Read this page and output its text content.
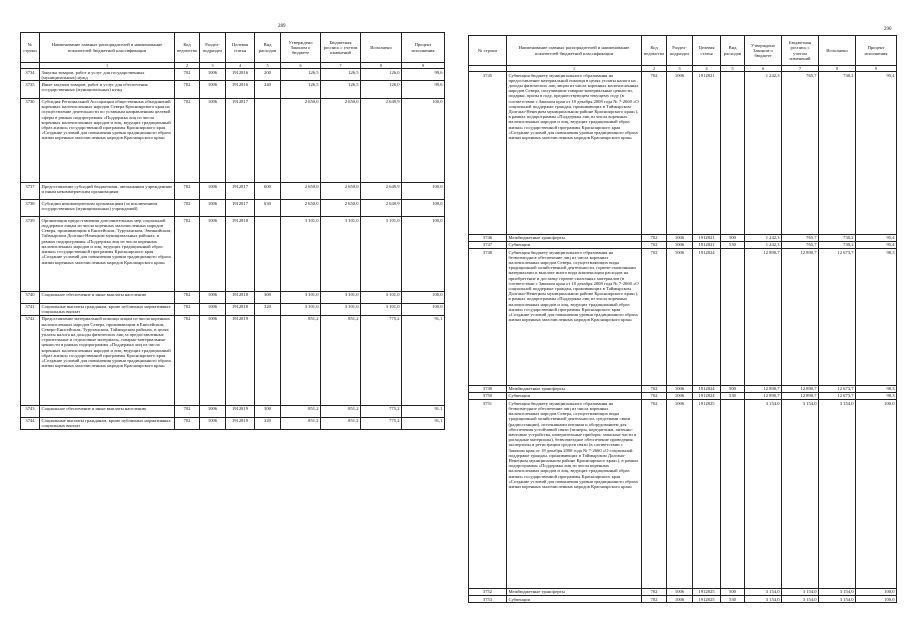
289
№ строки	Наименование главных распорядителей и наименование показателей бюджетной классификации	Код ведомства	Раздел-подраздел	Целевая статья	Вид расходов	Утверждено Законом о бюджете	Бюджетная роспись с учетом изменений	Исполнено	Процент исполнения
	1	2	3	4	5	6	7	8	9
3734	Закупка товаров, работ и услуг для государственных (муниципальных) нужд	702	1006	1912816	200	126,5	126,5	126,0	99,6
3735	Иные закупки товаров, работ и услуг для обеспечения государственных (муниципальных) нужд	702	1006	1912816	240	126,5	126,5	126,0	99,6
3736	Субсидия Региональной Ассоциации общественных объединений коренных малочисленных народов Севера Красноярского края на осуществление деятельности по уставным направлениям целевой сферы в рамках подпрограммы «Поддержка лиц из числа коренных малочисленных народов и лиц, ведущих традиционный образ жизни» государственной программы Красноярского края «Создание условий для повышения уровня традиционного образа жизни коренных малочисленных народов Красноярского края»	702	1006	1912817		2 650,0	2 650,0	2 649,9	100,0
3737	Предоставление субсидий бюджетным, автономным учреждениям и иным некоммерческим организациям	702	1006	1912817	600	2 650,0	2 650,0	2 649,9	100,0
3738	Субсидии некоммерческим организациям (за исключением государственных (муниципальных) учреждений)	702	1006	1912817	630	2 650,0	2 650,0	2 649,9	100,0
3739	Организация предоставления дополнительных мер социальной поддержки лицам из числа коренных малочисленных народов Севера, проживающим в Енисейском, Туруханском, Эвенкийском, Таймырском Долгано-Ненецком муниципальных районах, в рамках подпрограммы «Поддержка лиц из числа коренных малочисленных народов и лиц, ведущих традиционный образ жизни» государственной программы Красноярского края «Создание условий для повышения уровня традиционного образа жизни коренных малочисленных народов Красноярского края»	702	1006	1912818		3 101,0	3 101,0	3 101,0	100,0
3740	Социальное обеспечение и иные выплаты населению	702	1006	1912818	300	3 101,0	3 101,0	3 101,0	100,0
3741	Социальные выплаты гражданам, кроме публичных нормативных социальных выплат	702	1006	1912818	320	3 101,0	3 101,0	3 101,0	100,0
3742	Предоставление материальной помощи лицам из числа коренных малочисленных народов Севера, проживающим в Енисейском, Северо-Енисейском, Туруханском, Таймырском районах, в целях уплаты налога на доходы физических лиц за предоставленные строительные и отделочные материалы, товарно-материальные ценности в рамках подпрограммы «Поддержка лиц из числа коренных малочисленных народов и лиц, ведущих традиционный образ жизни» государственной программы Красноярского края «Создание условий для повышения уровня традиционного образа жизни коренных малочисленных народов Красноярского края»	702	1006	1912819		851,2	851,2	775,2	91,1
3743	Социальное обеспечение и иные выплаты населению	702	1006	1912819	300	851,2	851,2	775,2	91,1
3744	Социальные выплаты гражданам, кроме публичных нормативных социальных выплат	702	1006	1912819	320	851,2	851,2	775,2	91,1
290
№ строки	Наименование главных распорядителей и наименование показателей бюджетной классификации	Код ведомства	Раздел-подраздел	Целевая статья	Вид расходов	Утверждено Законом о бюджете	Бюджетная роспись с учетом изменений	Исполнено	Процент исполнения
	1	2	3	4	5	6	7	8	9
3745	Субвенция бюджету муниципального образования на предоставление материальной помощи в целях уплаты налога на доходы физических лиц лицам из числа коренных малочисленных народов Севера, получившим товарно-материальные ценности, подарки, призы в году, предшествующем текущему году (в соответствии с Законом края от 18 декабря 2008 года № 7-2660 «О социальной поддержке граждан, проживающих в Таймырском Долгано-Ненецком муниципальном районе Красноярского края»), в рамках подпрограммы «Поддержка лиц из числа коренных малочисленных народов и лиц, ведущих традиционный образ жизни» государственной программы Красноярского края «Создание условий для повышения уровня традиционного образа жизни коренных малочисленных народов Красноярского края»	702	1006	1912821		1 242,3	765,7	730,2	95,4
3746	Межбюджетные трансферты	702	1006	1912821	500	1 242,3	765,7	730,2	95,4
3747	Субвенции	702	1006	1912821	530	1 242,3	765,7	730,2	95,4
3748	Субвенция бюджету муниципального образования на безвозмездное обеспечение лиц из числа коренных малочисленных народов Севера, осуществляющих виды традиционной хозяйственной деятельности, горюче-смазочными материалами и выплате иного вида компенсации расходов на приобретение и доставку горюче-смазочных материалов (в соответствии с Законом края от 18 декабря 2008 года № 7-2660 «О социальной поддержке граждан, проживающих в Таймырском Долгано-Ненецком муниципальном районе Красноярского края»), в рамках подпрограммы «Поддержка лиц из числа коренных малочисленных народов и лиц, ведущих традиционный образ жизни» государственной программы Красноярского края «Создание условий для повышения уровня традиционного образа жизни коренных малочисленных народов Красноярского края»	702	1006	1912824		12 890,7	12 890,7	12 673,7	98,3
3749	Межбюджетные трансферты	702	1006	1912824	500	12 890,7	12 890,7	12 673,7	98,3
3750	Субвенции	702	1006	1912824	530	12 890,7	12 890,7	12 673,7	98,3
3751	Субвенция бюджету муниципального образования на безвозмездное обеспечение лиц из числа коренных малочисленных народов Севера, осуществляющих виды традиционной хозяйственной деятельности, средствами связи (радиостанции), источниками питания и оборудованием для обеспечения устойчивой связи (тюнеры, передатчики, антенно-мачтовые устройства, измерительные приборы, запасные части и расходные материалы), безвозмездное обеспечение проведения экспертизы и регистрации средств связи (в соответствии с Законом края от 18 декабря 2008 года № 7-2660 «О социальной поддержке граждан, проживающих в Таймырском Долгано-Ненецком муниципальном районе Красноярского края»), в рамках подпрограммы «Поддержка лиц из числа коренных малочисленных народов и лиц, ведущих традиционный образ жизни» государственной программы Красноярского края «Создание условий для повышения уровня традиционного образа жизни коренных малочисленных народов Красноярского края»	702	1006	1912825		3 154,0	3 154,0	3 154,0	100,0
3752	Межбюджетные трансферты	702	1006	1912825	500	3 154,0	3 154,0	3 154,0	100,0
3753	Субвенции	702	1006	1912825	530	3 154,0	3 154,0	3 154,0	100,0
